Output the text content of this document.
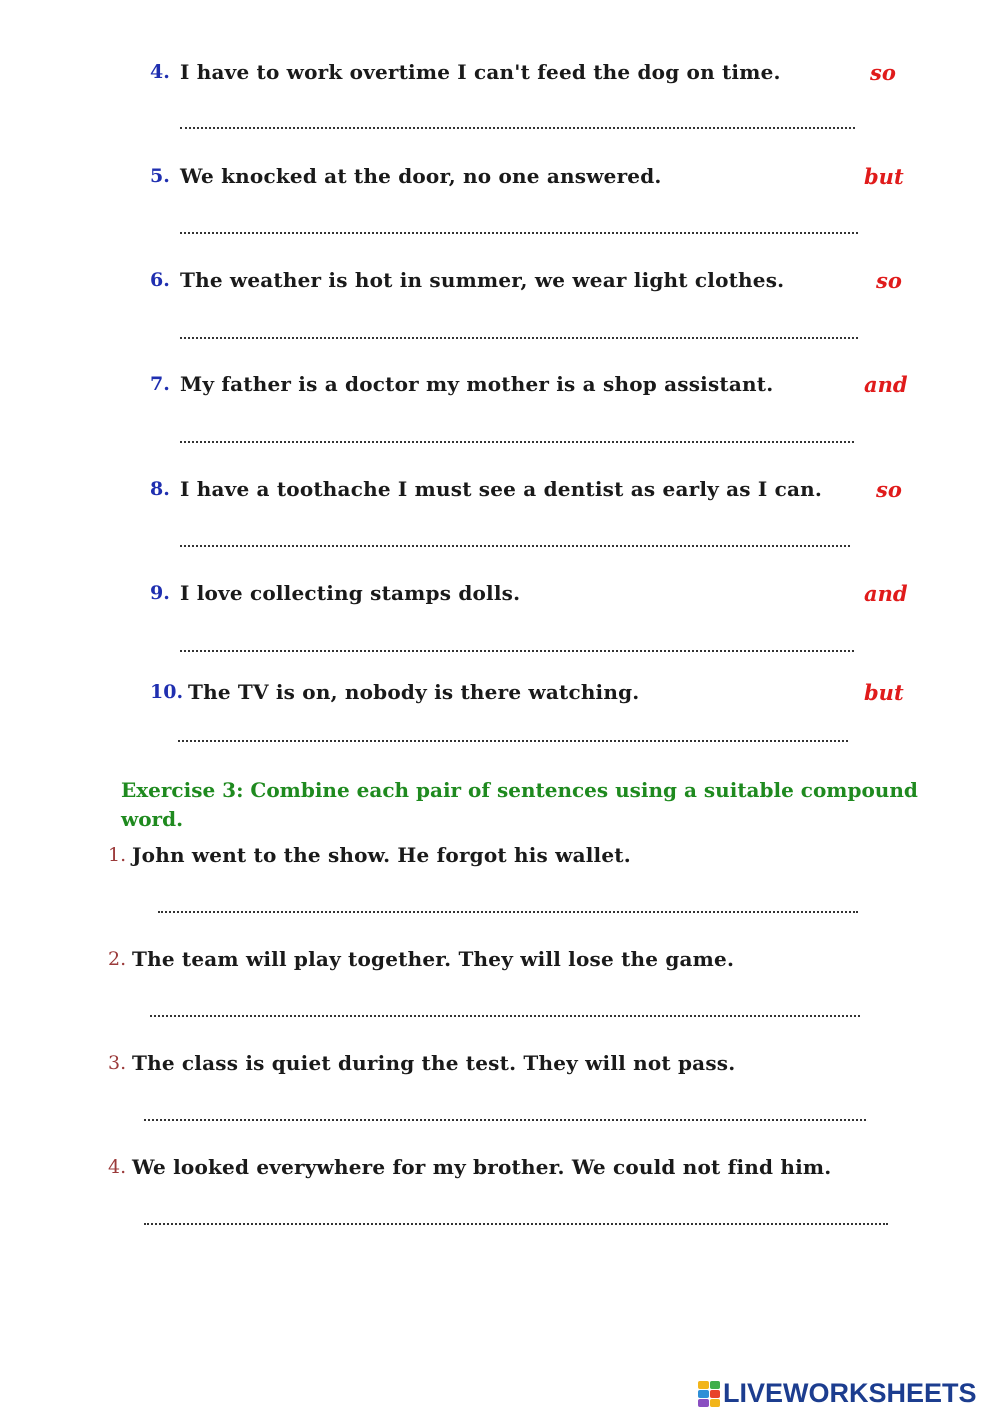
4. I have to work overtime I can't feed the dog on time.	so
5. We knocked at the door, no one answered.	but
6. The weather is hot in summer, we wear light clothes.	so
7. My father is a doctor my mother is a shop assistant.	and
8. I have a toothache I must see a dentist as early as I can.	so
9. I love collecting stamps dolls.	and
10. The TV is on, nobody is there watching.	but
Exercise 3: Combine each pair of sentences using a suitable compound word.
1. John went to the show. He forgot his wallet.
2. The team will play together. They will lose the game.
3. The class is quiet during the test. They will not pass.
4. We looked everywhere for my brother. We could not find him.
LIVEWORKSHEETS
